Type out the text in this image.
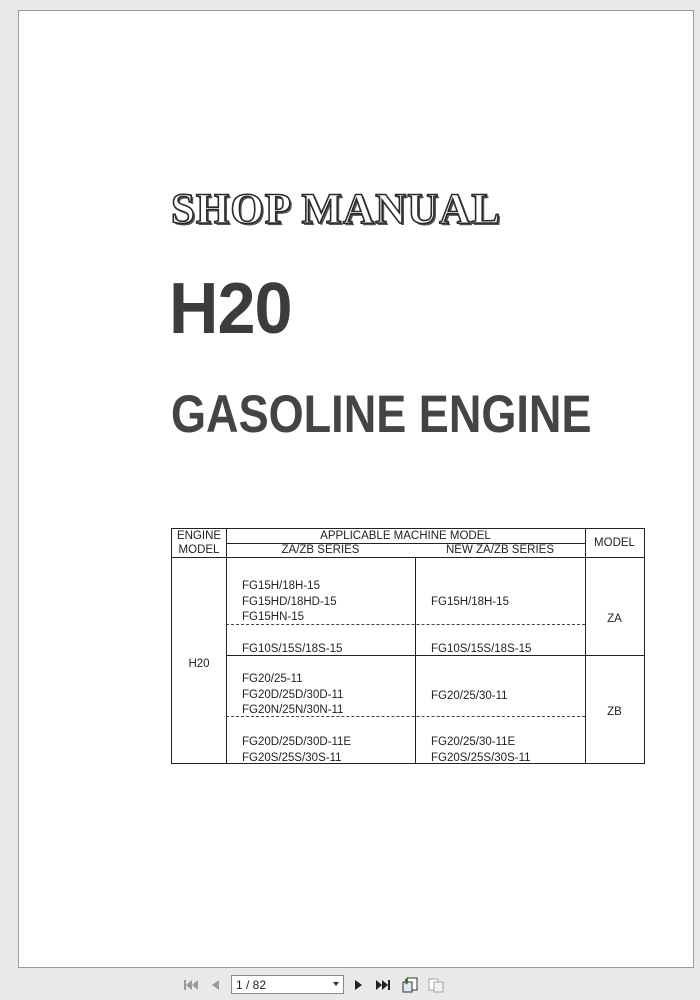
SHOP MANUAL
H20
GASOLINE ENGINE
ENGINE
MODEL
APPLICABLE MACHINE MODEL
ZA/ZB SERIES	NEW ZA/ZB SERIES
MODEL
H20
FG15H/18H-15
FG15HD/18HD-15
FG15HN-15
FG15H/18H-15
FG10S/15S/18S-15	FG10S/15S/18S-15
FG20/25-11
FG20D/25D/30D-11
FG20N/25N/30N-11
FG20/25/30-11
FG20D/25D/30D-11E
FG20S/25S/30S-11
FG20/25/30-11E
FG20S/25S/30S-11
ZA
ZB
1 / 82
